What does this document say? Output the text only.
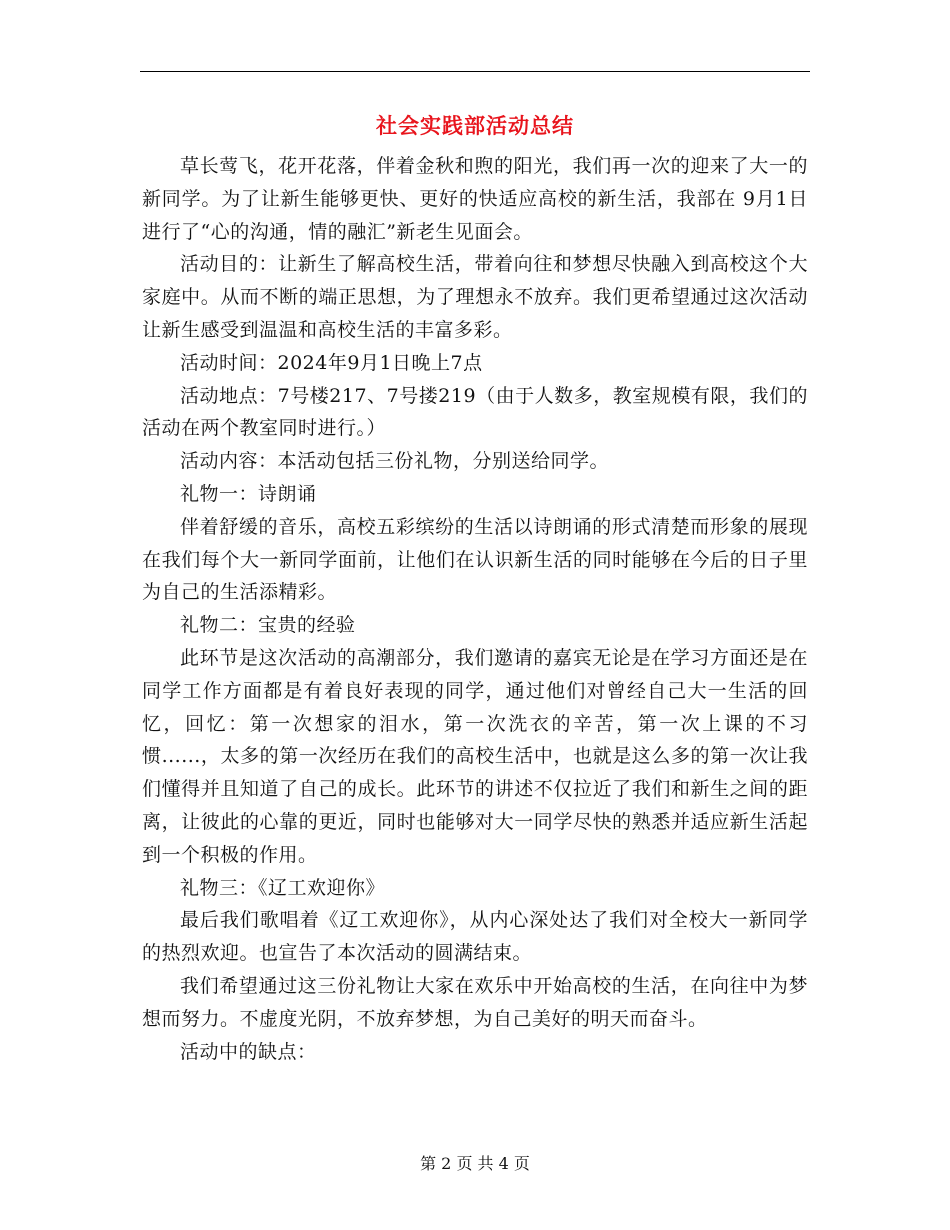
社会实践部活动总结

草长莺飞，花开花落，伴着金秋和煦的阳光，我们再一次的迎来了大一的新同学。为了让新生能够更快、更好的快适应高校的新生活，我部在 9月1日进行了“心的沟通，情的融汇”新老生见面会。

活动目的：让新生了解高校生活，带着向往和梦想尽快融入到高校这个大家庭中。从而不断的端正思想，为了理想永不放弃。我们更希望通过这次活动让新生感受到温温和高校生活的丰富多彩。

活动时间：2024年9月1日晚上7点

活动地点：7号楼217、7号搂219（由于人数多，教室规模有限，我们的活动在两个教室同时进行。）

活动内容：本活动包括三份礼物，分别送给同学。

礼物一：诗朗诵

伴着舒缓的音乐，高校五彩缤纷的生活以诗朗诵的形式清楚而形象的展现在我们每个大一新同学面前，让他们在认识新生活的同时能够在今后的日子里为自己的生活添精彩。

礼物二：宝贵的经验

此环节是这次活动的高潮部分，我们邀请的嘉宾无论是在学习方面还是在同学工作方面都是有着良好表现的同学，通过他们对曾经自己大一生活的回忆，回忆：第一次想家的泪水，第一次洗衣的辛苦，第一次上课的不习惯......，太多的第一次经历在我们的高校生活中，也就是这么多的第一次让我们懂得并且知道了自己的成长。此环节的讲述不仅拉近了我们和新生之间的距离，让彼此的心靠的更近，同时也能够对大一同学尽快的熟悉并适应新生活起到一个积极的作用。

礼物三：《辽工欢迎你》

最后我们歌唱着《辽工欢迎你》，从内心深处达了我们对全校大一新同学的热烈欢迎。也宣告了本次活动的圆满结束。

我们希望通过这三份礼物让大家在欢乐中开始高校的生活，在向往中为梦想而努力。不虚度光阴，不放弃梦想，为自己美好的明天而奋斗。

活动中的缺点：

第 2 页 共 4 页
